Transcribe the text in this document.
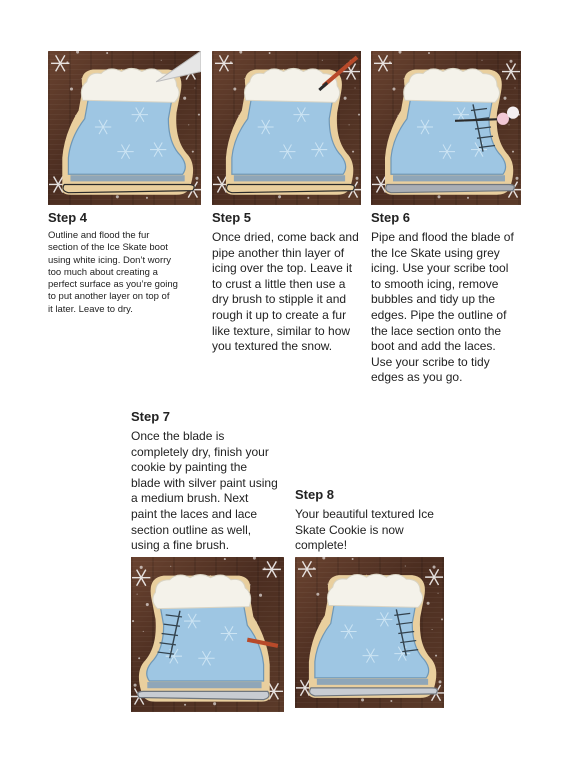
Step 4
Outline and flood the fur
section of the Ice Skate boot
using white icing. Don’t worry
too much about creating a
perfect surface as you’re going
to put another layer on top of
it later. Leave to dry.
Step 5
Once dried, come back and
pipe another thin layer of
icing over the top. Leave it
to crust a little then use a
dry brush to stipple it and
rough it up to create a fur
like texture, similar to how
you textured the snow.
Step 6
Pipe and flood the blade of
the Ice Skate using grey
icing. Use your scribe tool
to smooth icing, remove
bubbles and tidy up the
edges. Pipe the outline of
the lace section onto the
boot and add the laces.
Use your scribe to tidy
edges as you go.
Step 7
Once the blade is
completely dry, finish your
cookie by painting the
blade with silver paint using
a medium brush. Next
paint the laces and lace
section outline as well,
using a fine brush.
Step 8
Your beautiful textured Ice
Skate Cookie is now
complete!
